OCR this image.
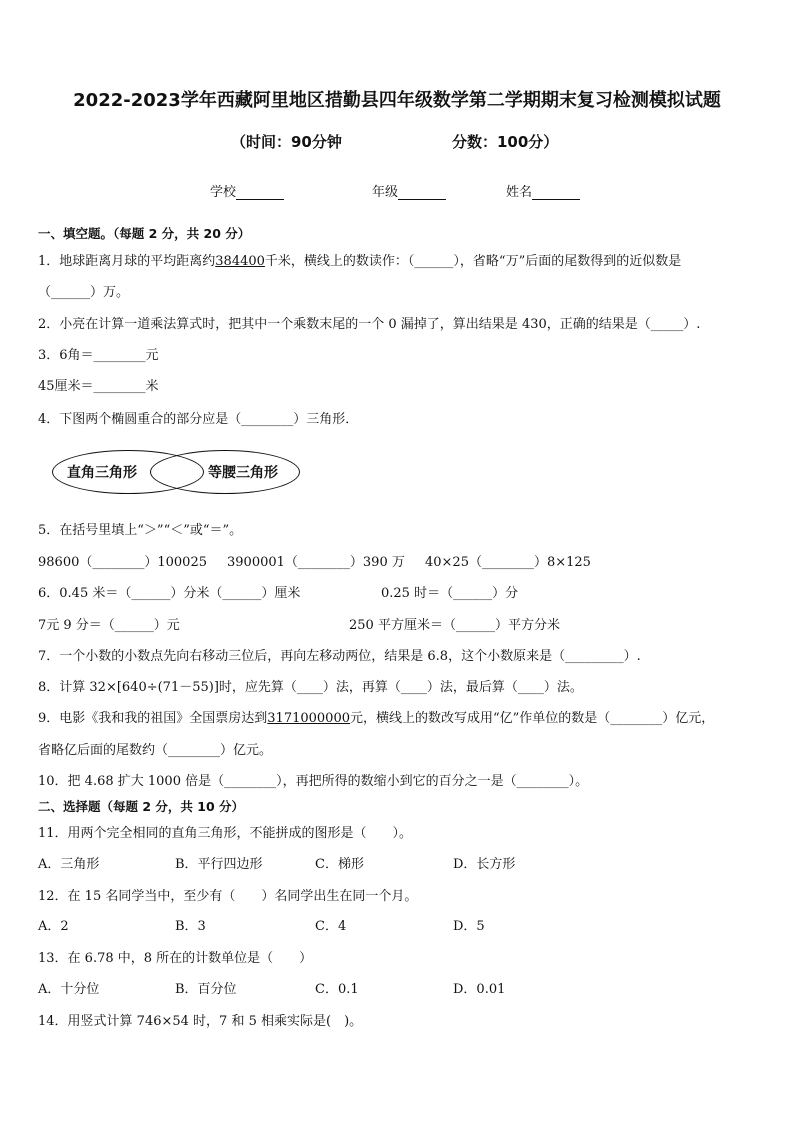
2022-2023学年西藏阿里地区措勤县四年级数学第二学期期末复习检测模拟试题
（时间：90分钟	分数：100分）
学校	年级	姓名
一、填空题。（每题 2 分，共 20 分）
1．地球距离月球的平均距离约384400千米，横线上的数读作：（______），省略“万”后面的尾数得到的近似数是
（______）万。
2．小亮在计算一道乘法算式时，把其中一个乘数末尾的一个 0 漏掉了，算出结果是 430，正确的结果是（_____）.
3．6角＝________元
45厘米＝________米
4．下图两个椭圆重合的部分应是（________）三角形．
直角三角形	等腰三角形
5．在括号里填上“＞”“＜”或“＝”。
98600（________）100025 3900001（________）390 万 40×25（________）8×125
6．0.45 米＝（______）分米（______）厘米	0.25 时＝（______）分
7元 9 分＝（______）元	250 平方厘米＝（______）平方分米
7．一个小数的小数点先向右移动三位后，再向左移动两位，结果是 6.8，这个小数原来是（_________）.
8．计算 32×[640÷(71－55)]时，应先算（____）法，再算（____）法，最后算（____）法。
9．电影《我和我的祖国》全国票房达到3171000000元，横线上的数改写成用“亿”作单位的数是（________）亿元，
省略亿后面的尾数约（________）亿元。
10．把 4.68 扩大 1000 倍是（________），再把所得的数缩小到它的百分之一是（________）。
二、选择题（每题 2 分，共 10 分）
11．用两个完全相同的直角三角形，不能拼成的图形是（　　）。
A．三角形	B．平行四边形	C．梯形	D．长方形
12．在 15 名同学当中，至少有（　　）名同学出生在同一个月。
A．2	B．3	C．4	D．5
13．在 6.78 中，8 所在的计数单位是（　　）
A．十分位	B．百分位	C．0.1	D．0.01
14．用竖式计算 746×54 时，7 和 5 相乘实际是(　)。
